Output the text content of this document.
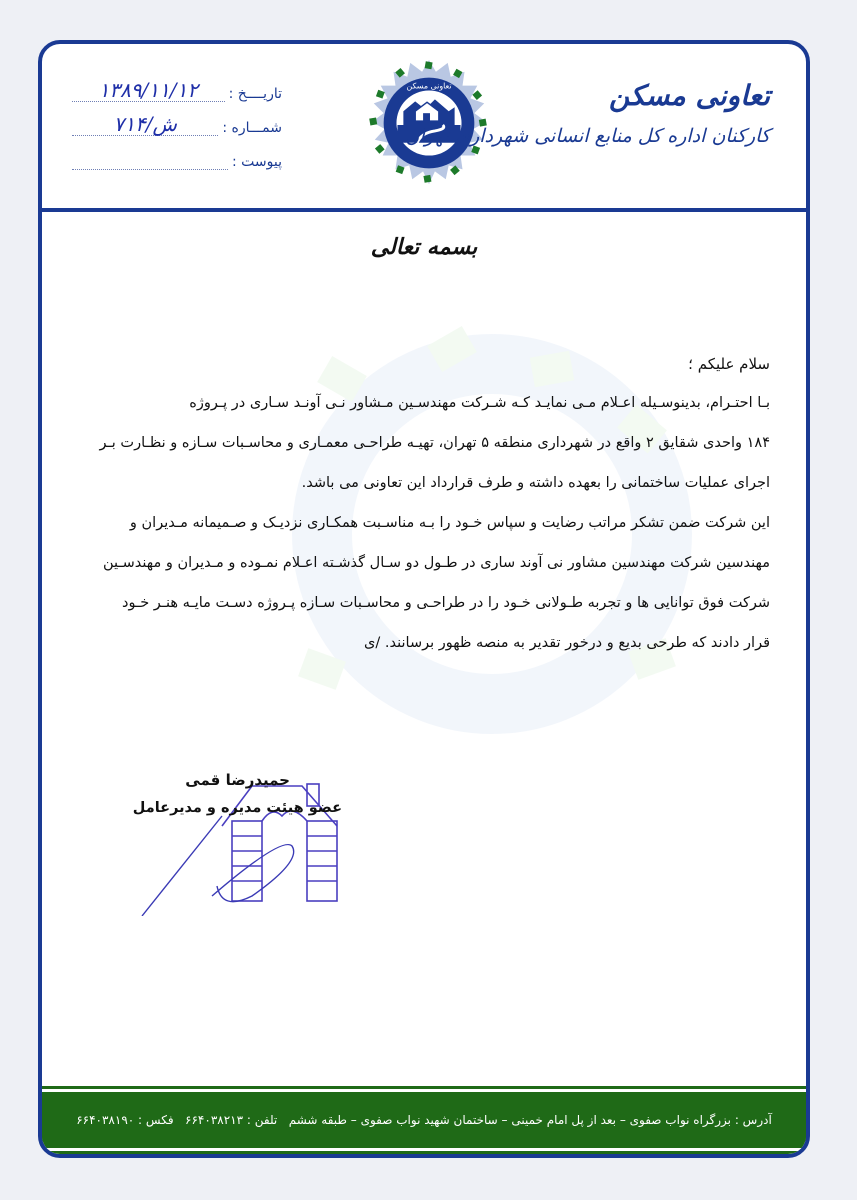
تاریــــخ :
۱۳۸۹/۱۱/۱۲
شمـــاره :
ش/۷۱۴
پیوست :
تعاونی مسکن	تعاونی مسکن
کارکنان اداره کل منابع انسانی شهرداری تهران
بسمه تعالی
سلام علیکم ؛

بـا احتـرام، بدینوسـیله اعـلام مـی نمایـد کـه شـرکت مهندسـین مـشاور نـی آونـد سـاری در پـروژه

۱۸۴ واحدی شقایق ۲ واقع در شهرداری منطقه ۵ تهران، تهیـه طراحـی معمـاری و محاسـبات سـازه و نظـارت بـر

اجرای عملیات ساختمانی را بعهده داشته و طرف قرارداد این تعاونی می باشد.

این شرکت ضمن تشکر مراتب رضایت و سپاس خـود را بـه مناسـبت همکـاری نزدیـک و صـمیمانه مـدیران و

مهندسین شرکت مهندسین مشاور نی آوند ساری در طـول دو سـال گذشـته اعـلام نمـوده و مـدیران و مهندسـین

شرکت فوق توانایی ها و تجربه طـولانی خـود را در طراحـی و محاسـبات سـازه پـروژه دسـت مایـه هنـر خـود

قرار دادند که طرحی بدیع و درخور تقدیر به منصه ظهور برسانند. /ی

حمیدرضا قمی
عضو هیئت مدیره و مدیرعامل
آدرس : بزرگراه نواب صفوی – بعد از پل امام خمینی – ساختمان شهید نواب صفوی – طبقه ششم   تلفن : ۶۶۴۰۳۸۲۱۳   فکس : ۶۶۴۰۳۸۱۹۰
